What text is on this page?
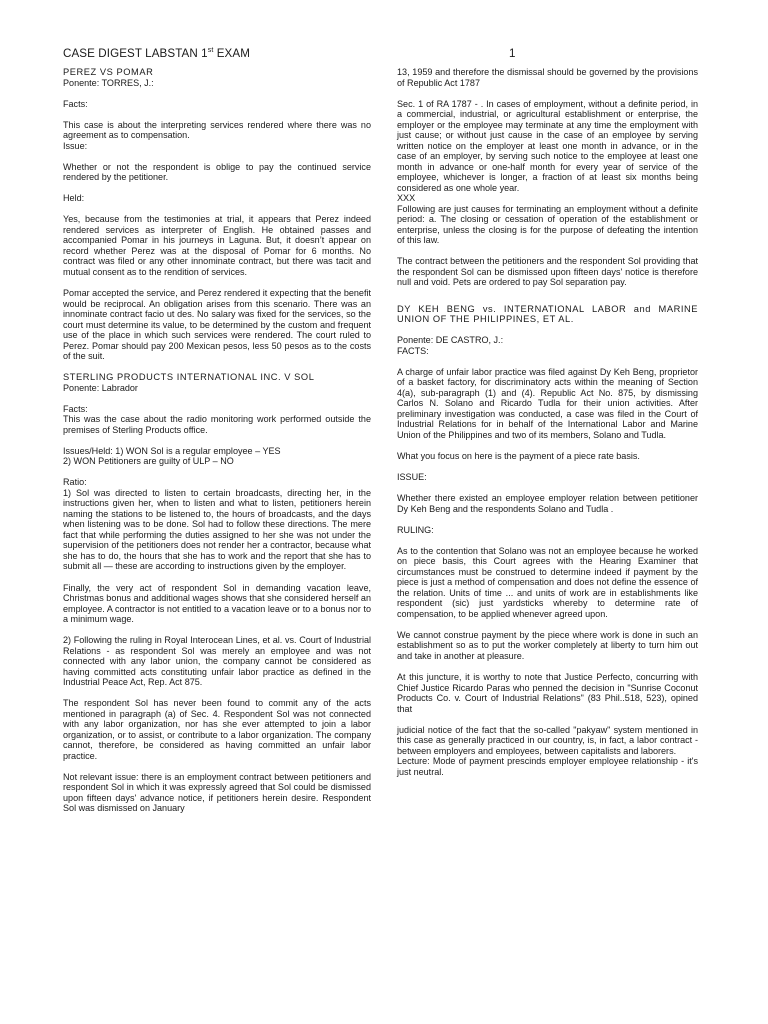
CASE DIGEST LABSTAN 1st EXAM	1

PEREZ VS POMAR

Ponente: TORRES, J.:

Facts:

This case is about the interpreting services rendered where there was no agreement as to compensation.

Issue:

Whether or not the respondent is oblige to pay the continued service rendered by the petitioner.

Held:

Yes, because from the testimonies at trial, it appears that Perez indeed rendered services as interpreter of English. He obtained passes and accompanied Pomar in his journeys in Laguna. But, it doesn’t appear on record whether Perez was at the disposal of Pomar for 6 months. No contract was filed or any other innominate contract, but there was tacit and mutual consent as to the rendition of services.

Pomar accepted the service, and Perez rendered it expecting that the benefit would be reciprocal. An obligation arises from this scenario. There was an innominate contract facio ut des. No salary was fixed for the services, so the court must determine its value, to be determined by the custom and frequent use of the place in which such services were rendered. The court ruled to Perez. Pomar should pay 200 Mexican pesos, less 50 pesos as to the costs of the suit.

STERLING PRODUCTS INTERNATIONAL INC. V SOL

Ponente: Labrador

Facts:

This was the case about the radio monitoring work performed outside the premises of Sterling Products office.

Issues/Held: 1) WON Sol is a regular employee – YES

2) WON Petitioners are guilty of ULP – NO

Ratio:

1) Sol was directed to listen to certain broadcasts, directing her, in the instructions given her, when to listen and what to listen, petitioners herein naming the stations to be listened to, the hours of broadcasts, and the days when listening was to be done. Sol had to follow these directions. The mere fact that while performing the duties assigned to her she was not under the supervision of the petitioners does not render her a contractor, because what she has to do, the hours that she has to work and the report that she has to submit all — these are according to instructions given by the employer.

Finally, the very act of respondent Sol in demanding vacation leave, Christmas bonus and additional wages shows that she considered herself an employee. A contractor is not entitled to a vacation leave or to a bonus nor to a minimum wage.

2) Following the ruling in Royal Interocean Lines, et al. vs. Court of Industrial Relations - as respondent Sol was merely an employee and was not connected with any labor union, the company cannot be considered as having committed acts constituting unfair labor practice as defined in the Industrial Peace Act, Rep. Act 875.

The respondent Sol has never been found to commit any of the acts mentioned in paragraph (a) of Sec. 4. Respondent Sol was not connected with any labor organization, nor has she ever attempted to join a labor organization, or to assist, or contribute to a labor organization. The company cannot, therefore, be considered as having committed an unfair labor practice.

Not relevant issue: there is an employment contract between petitioners and respondent Sol in which it was expressly agreed that Sol could be dismissed upon fifteen days' advance notice, if petitioners herein desire. Respondent Sol was dismissed on January

13, 1959 and therefore the dismissal should be governed by the provisions of Republic Act 1787

Sec. 1 of RA 1787 - . In cases of employment, without a definite period, in a commercial, industrial, or agricultural establishment or enterprise, the employer or the employee may terminate at any time the employment with just cause; or without just cause in the case of an employee by serving written notice on the employer at least one month in advance, or in the case of an employer, by serving such notice to the employee at least one month in advance or one-half month for every year of service of the employee, whichever is longer, a fraction of at least six months being considered as one whole year.

XXX

Following are just causes for terminating an employment without a definite period: a. The closing or cessation of operation of the establishment or enterprise, unless the closing is for the purpose of defeating the intention of this law.

The contract between the petitioners and the respondent Sol providing that the respondent Sol can be dismissed upon fifteen days' notice is therefore null and void. Pets are ordered to pay Sol separation pay.

DY KEH BENG vs. INTERNATIONAL LABOR and MARINE

UNION OF THE PHILIPPINES, ET AL.

Ponente: DE CASTRO, J.:

FACTS:

A charge of unfair labor practice was filed against Dy Keh Beng, proprietor of a basket factory, for discriminatory acts within the meaning of Section 4(a), sub-paragraph (1) and (4). Republic Act No. 875, by dismissing Carlos N. Solano and Ricardo Tudla for their union activities. After preliminary investigation was conducted, a case was filed in the Court of Industrial Relations for in behalf of the International Labor and Marine Union of the Philippines and two of its members, Solano and Tudla.

What you focus on here is the payment of a piece rate basis.

ISSUE:

Whether there existed an employee employer relation between petitioner Dy Keh Beng and the respondents Solano and Tudla .

RULING:

As to the contention that Solano was not an employee because he worked on piece basis, this Court agrees with the Hearing Examiner that circumstances must be construed to determine indeed if payment by the piece is just a method of compensation and does not define the essence of the relation. Units of time ... and units of work are in establishments like respondent (sic) just yardsticks whereby to determine rate of compensation, to be applied whenever agreed upon.

We cannot construe payment by the piece where work is done in such an establishment so as to put the worker completely at liberty to turn him out and take in another at pleasure.

At this juncture, it is worthy to note that Justice Perfecto, concurring with Chief Justice Ricardo Paras who penned the decision in "Sunrise Coconut Products Co. v. Court of Industrial Relations" (83 Phil..518, 523), opined that

judicial notice of the fact that the so-called "pakyaw" system mentioned in this case as generally practiced in our country, is, in fact, a labor contract -between employers and employees, between capitalists and laborers.

Lecture: Mode of payment prescinds employer employee relationship - it's just neutral.
